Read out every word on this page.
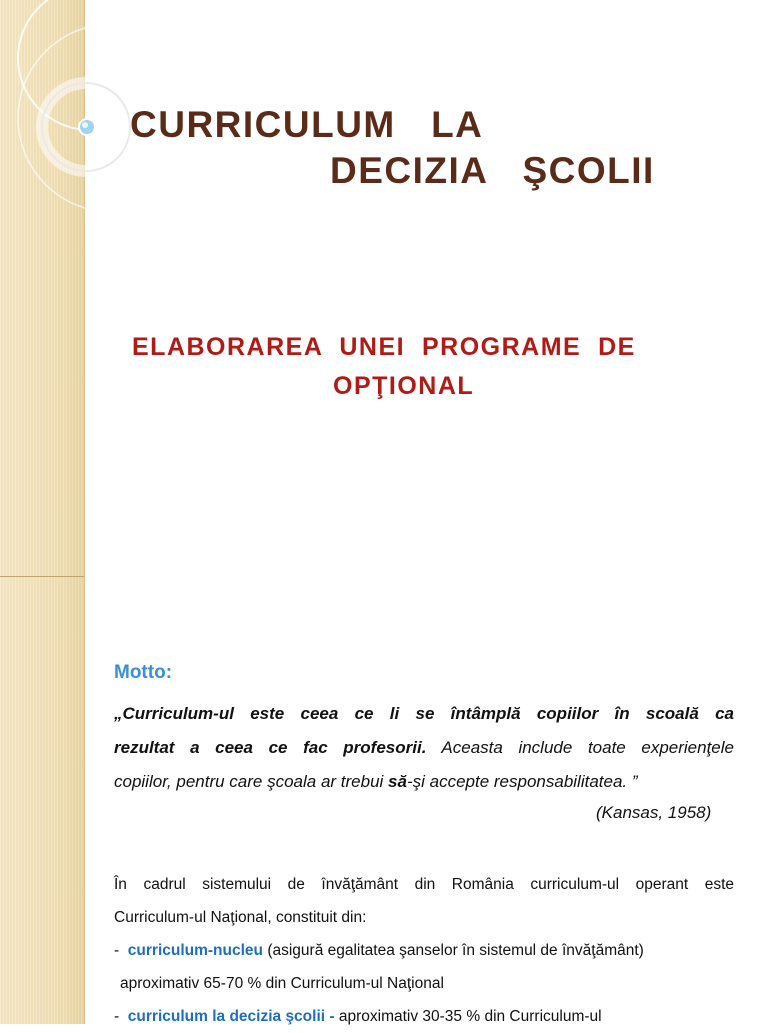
CURRICULUM   LA
DECIZIA   ŞCOLII
ELABORAREA  UNEI  PROGRAME  DE
OPŢIONAL
Motto:
„Curriculum-ul este ceea ce li se întâmplă copiilor în scoală ca
rezultat a ceea ce fac profesorii. Aceasta include toate experienţele
copiilor, pentru care şcoala ar trebui să-şi accepte responsabilitatea. ”
(Kansas, 1958)
În cadrul sistemului de învăţământ din România curriculum-ul operant este
Curriculum-ul Naţional, constituit din:
- curriculum-nucleu (asigură egalitatea şanselor în sistemul de învăţământ)
aproximativ 65-70 % din Curriculum-ul Naţional
- curriculum la decizia şcolii - aproximativ 30-35 % din Curriculum-ul
